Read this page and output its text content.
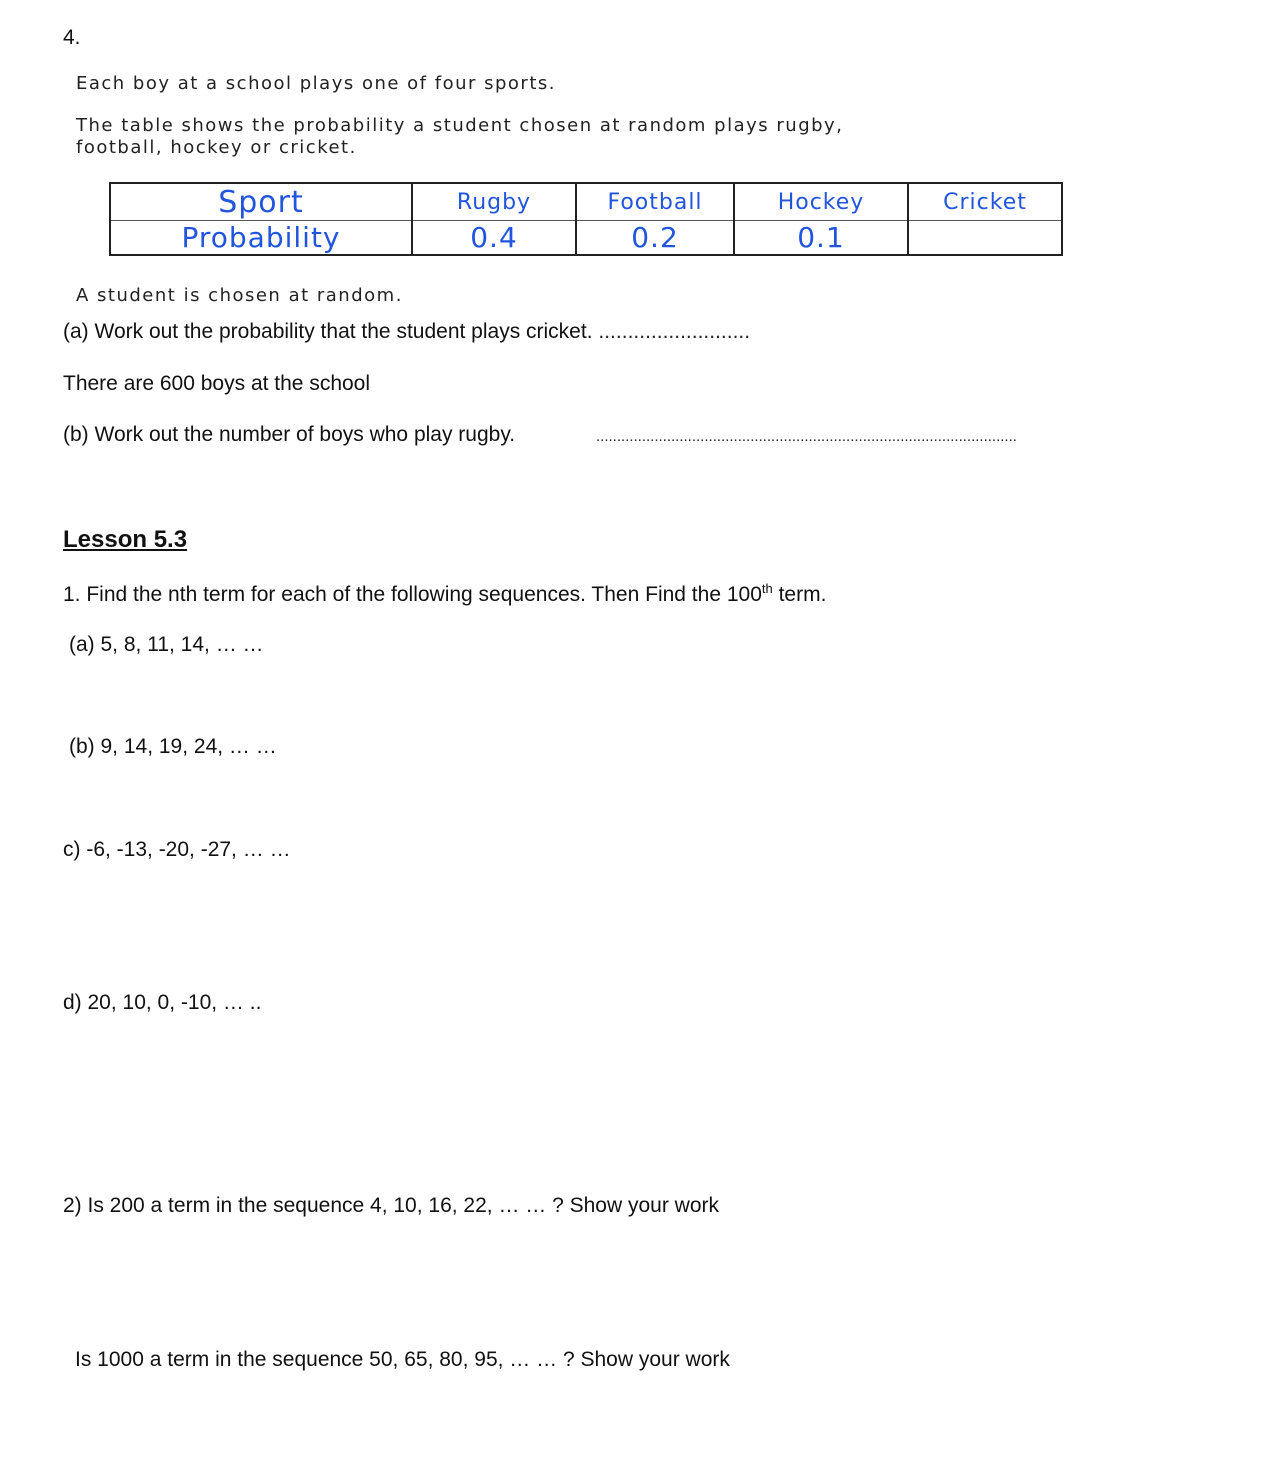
4.
Each boy at a school plays one of four sports.
The table shows the probability a student chosen at random plays rugby,
football, hockey or cricket.
Sport	Rugby	Football	Hockey	Cricket
Probability	0.4	0.2	0.1	
A student is chosen at random.
(a) Work out the probability that the student plays cricket. ..........................
There are 600 boys at the school
(b) Work out the number of boys who play rugby.	.....................................................................................................
Lesson 5.3
1. Find the nth term for each of the following sequences. Then Find the 100th term.
(a) 5, 8, 11, 14, … …
(b) 9, 14, 19, 24, … …
c) -6, -13, -20, -27, … …
d) 20, 10, 0, -10, … ..
2) Is 200 a term in the sequence 4, 10, 16, 22, … … ? Show your work
Is 1000 a term in the sequence 50, 65, 80, 95, … … ? Show your work
